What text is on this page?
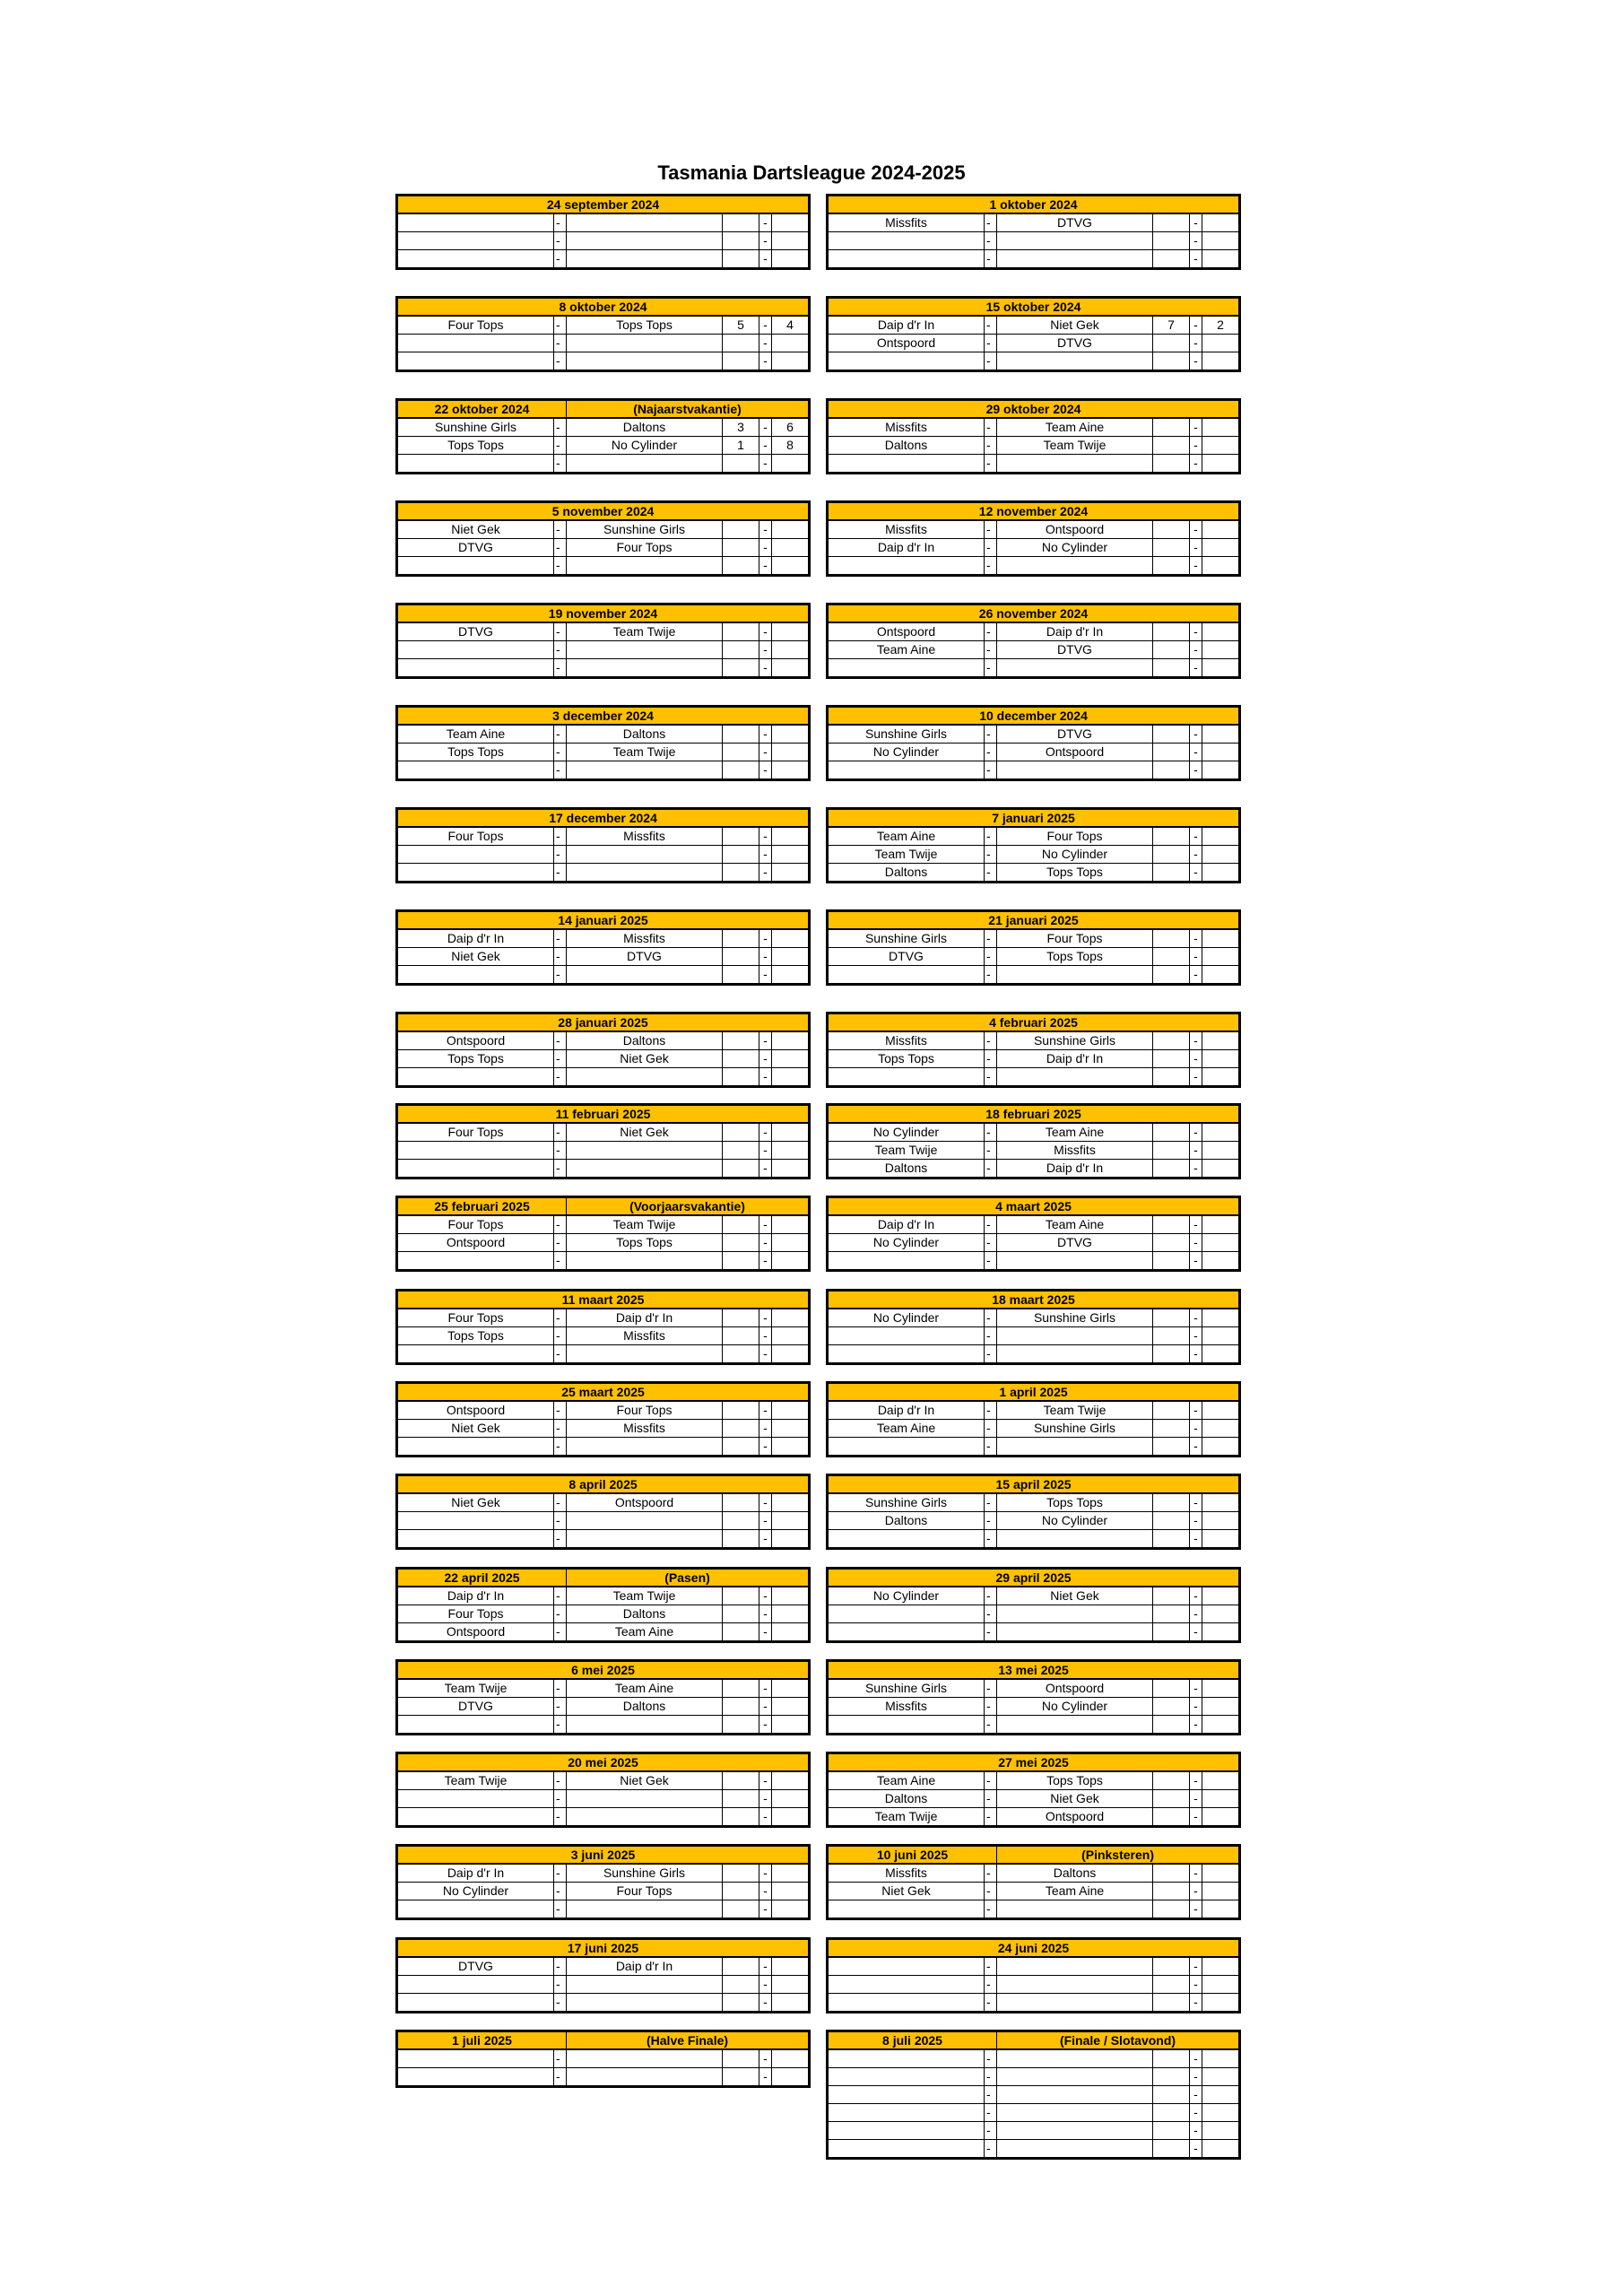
Tasmania Dartsleague 2024-2025
24 september 2024					
	-			-	
	-			-	
	-			-	
1 oktober 2024					
Missfits	-	DTVG		-	
	-			-	
	-			-	
8 oktober 2024					
Four Tops	-	Tops Tops	5	-	4
	-			-	
	-			-	
15 oktober 2024					
Daip d'r In	-	Niet Gek	7	-	2
Ontspoord	-	DTVG		-	
	-			-	
22 oktober 2024		(Najaarstvakantie)			
Sunshine Girls	-	Daltons	3	-	6
Tops Tops	-	No Cylinder	1	-	8
	-			-	
29 oktober 2024					
Missfits	-	Team Aine		-	
Daltons	-	Team Twije		-	
	-			-	
5 november 2024					
Niet Gek	-	Sunshine Girls		-	
DTVG	-	Four Tops		-	
	-			-	
12 november 2024					
Missfits	-	Ontspoord		-	
Daip d'r In	-	No Cylinder		-	
	-			-	
19 november 2024					
DTVG	-	Team Twije		-	
	-			-	
	-			-	
26 november 2024					
Ontspoord	-	Daip d'r In		-	
Team Aine	-	DTVG		-	
	-			-	
3 december 2024					
Team Aine	-	Daltons		-	
Tops Tops	-	Team Twije		-	
	-			-	
10 december 2024					
Sunshine Girls	-	DTVG		-	
No Cylinder	-	Ontspoord		-	
	-			-	
17 december 2024					
Four Tops	-	Missfits		-	
	-			-	
	-			-	
7 januari 2025					
Team Aine	-	Four Tops		-	
Team Twije	-	No Cylinder		-	
Daltons	-	Tops Tops		-	
14 januari 2025					
Daip d'r In	-	Missfits		-	
Niet Gek	-	DTVG		-	
	-			-	
21 januari 2025					
Sunshine Girls	-	Four Tops		-	
DTVG	-	Tops Tops		-	
	-			-	
28 januari 2025					
Ontspoord	-	Daltons		-	
Tops Tops	-	Niet Gek		-	
	-			-	
4 februari 2025					
Missfits	-	Sunshine Girls		-	
Tops Tops	-	Daip d'r In		-	
	-			-	
11 februari 2025					
Four Tops	-	Niet Gek		-	
	-			-	
	-			-	
18 februari 2025					
No Cylinder	-	Team Aine		-	
Team Twije	-	Missfits		-	
Daltons	-	Daip d'r In		-	
25 februari 2025		(Voorjaarsvakantie)			
Four Tops	-	Team Twije		-	
Ontspoord	-	Tops Tops		-	
	-			-	
4 maart 2025					
Daip d'r In	-	Team Aine		-	
No Cylinder	-	DTVG		-	
	-			-	
11 maart 2025					
Four Tops	-	Daip d'r In		-	
Tops Tops	-	Missfits		-	
	-			-	
18 maart 2025					
No Cylinder	-	Sunshine Girls		-	
	-			-	
	-			-	
25 maart 2025					
Ontspoord	-	Four Tops		-	
Niet Gek	-	Missfits		-	
	-			-	
1 april 2025					
Daip d'r In	-	Team Twije		-	
Team Aine	-	Sunshine Girls		-	
	-			-	
8 april 2025					
Niet Gek	-	Ontspoord		-	
	-			-	
	-			-	
15 april 2025					
Sunshine Girls	-	Tops Tops		-	
Daltons	-	No Cylinder		-	
	-			-	
22 april 2025		(Pasen)			
Daip d'r In	-	Team Twije		-	
Four Tops	-	Daltons		-	
Ontspoord	-	Team Aine		-	
29 april 2025					
No Cylinder	-	Niet Gek		-	
	-			-	
	-			-	
6 mei 2025					
Team Twije	-	Team Aine		-	
DTVG	-	Daltons		-	
	-			-	
13 mei 2025					
Sunshine Girls	-	Ontspoord		-	
Missfits	-	No Cylinder		-	
	-			-	
20 mei 2025					
Team Twije	-	Niet Gek		-	
	-			-	
	-			-	
27 mei 2025					
Team Aine	-	Tops Tops		-	
Daltons	-	Niet Gek		-	
Team Twije	-	Ontspoord		-	
3 juni 2025					
Daip d'r In	-	Sunshine Girls		-	
No Cylinder	-	Four Tops		-	
	-			-	
10 juni 2025		(Pinksteren)			
Missfits	-	Daltons		-	
Niet Gek	-	Team Aine		-	
	-			-	
17 juni 2025					
DTVG	-	Daip d'r In		-	
	-			-	
	-			-	
24 juni 2025					
	-			-	
	-			-	
	-			-	
1 juli 2025		(Halve Finale)			
	-			-	
	-			-	
8 juli 2025		(Finale / Slotavond)			
	-			-	
	-			-	
	-			-	
	-			-	
	-			-	
	-			-	
